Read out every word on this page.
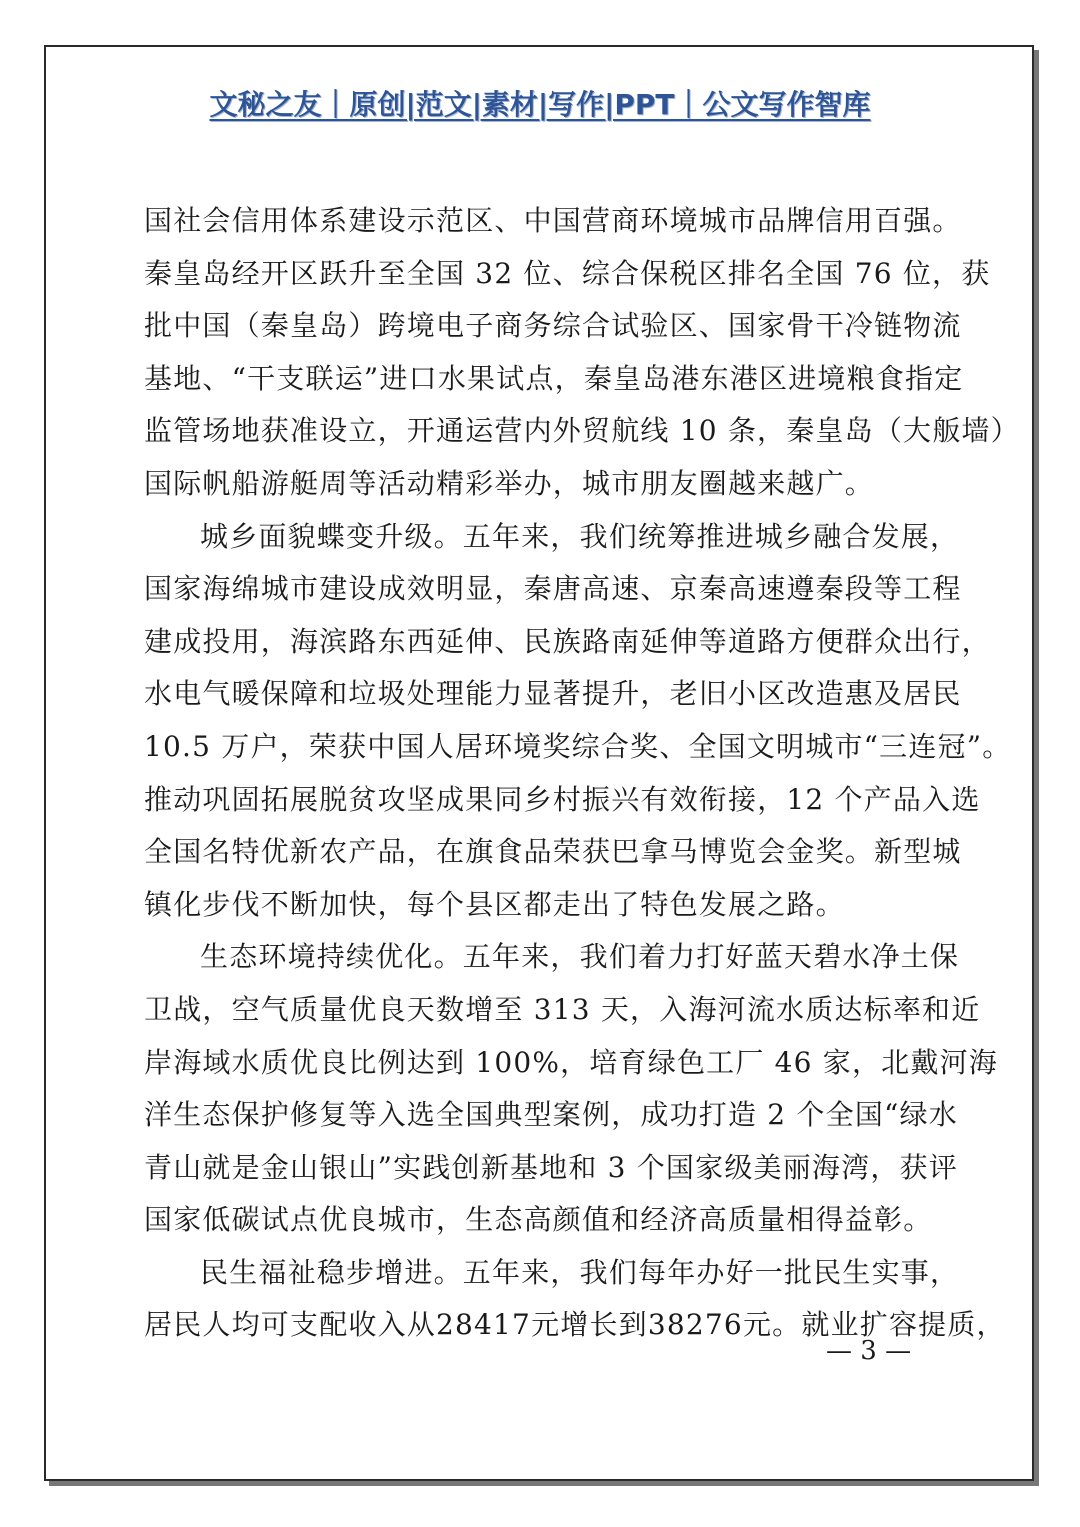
文秘之友｜原创|范文|素材|写作|PPT｜公文写作智库
国社会信用体系建设示范区、中国营商环境城市品牌信用百强。
秦皇岛经开区跃升至全国 32 位、综合保税区排名全国 76 位，获
批中国（秦皇岛）跨境电子商务综合试验区、国家骨干冷链物流
基地、“干支联运”进口水果试点，秦皇岛港东港区进境粮食指定
监管场地获准设立，开通运营内外贸航线 10 条，秦皇岛（大舨墙）
国际帆船游艇周等活动精彩举办，城市朋友圈越来越广。
城乡面貌蝶变升级。五年来，我们统筹推进城乡融合发展，
国家海绵城市建设成效明显，秦唐高速、京秦高速遵秦段等工程
建成投用，海滨路东西延伸、民族路南延伸等道路方便群众出行，
水电气暖保障和垃圾处理能力显著提升，老旧小区改造惠及居民
10.5 万户，荣获中国人居环境奖综合奖、全国文明城市“三连冠”。
推动巩固拓展脱贫攻坚成果同乡村振兴有效衔接，12 个产品入选
全国名特优新农产品，在旗食品荣获巴拿马博览会金奖。新型城
镇化步伐不断加快，每个县区都走出了特色发展之路。
生态环境持续优化。五年来，我们着力打好蓝天碧水净土保
卫战，空气质量优良天数增至 313 天，入海河流水质达标率和近
岸海域水质优良比例达到 100%，培育绿色工厂 46 家，北戴河海
洋生态保护修复等入选全国典型案例，成功打造 2 个全国“绿水
青山就是金山银山”实践创新基地和 3 个国家级美丽海湾，获评
国家低碳试点优良城市，生态高颜值和经济高质量相得益彰。
民生福祉稳步增进。五年来，我们每年办好一批民生实事，
居民人均可支配收入从28417元增长到38276元。就业扩容提质，
— 3 —
